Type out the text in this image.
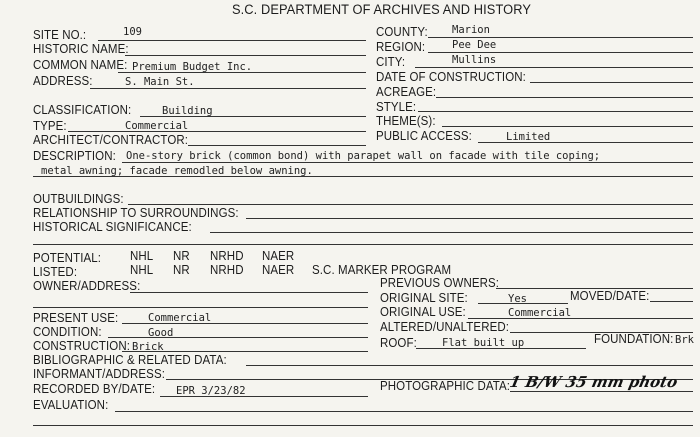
S.C. DEPARTMENT OF ARCHIVES AND HISTORY
SITE NO.:	109
HISTORIC NAME:
COMMON NAME: Premium Budget Inc.
ADDRESS:	S. Main St.
CLASSIFICATION:	Building
TYPE:	Commercial
ARCHITECT/CONTRACTOR:
COUNTY: Marion
REGION:	Pee Dee
CITY:	Mullins
DATE OF CONSTRUCTION:
ACREAGE:
STYLE:
THEME(S):
PUBLIC ACCESS:	Limited
DESCRIPTION: One-story brick (common bond) with parapet wall on facade with tile coping;
metal awning; facade remodled below awning.
OUTBUILDINGS:
RELATIONSHIP TO SURROUNDINGS:
HISTORICAL SIGNIFICANCE:
POTENTIAL: NHL NR NRHD NAER
LISTED:	NHL NR NRHD NAER S.C. MARKER PROGRAM
OWNER/ADDRESS:	PREVIOUS OWNERS:
ORIGINAL SITE:	Yes	MOVED/DATE:
PRESENT USE:	Commercial	ORIGINAL USE:	Commercial
CONDITION:	Good	ALTERED/UNALTERED:
CONSTRUCTION: Brick	ROOF: Flat built up	FOUNDATION: Brk
BIBLIOGRAPHIC & RELATED DATA:
INFORMANT/ADDRESS:
RECORDED BY/DATE: EPR 3/23/82	PHOTOGRAPHIC DATA:
1 B/W 35 mm photo
EVALUATION:
